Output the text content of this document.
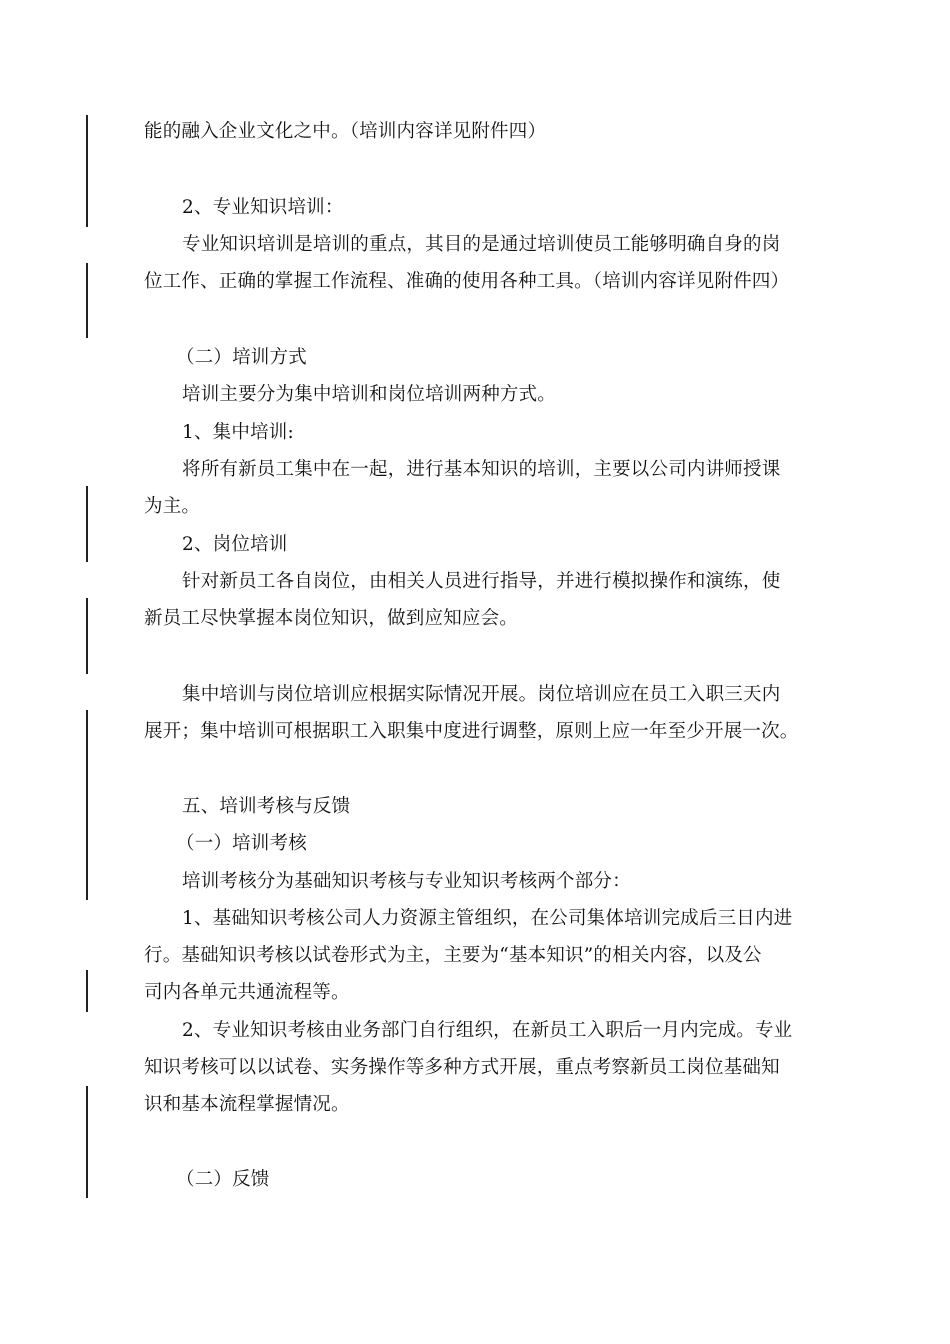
能的融入企业文化之中。（培训内容详见附件四）
2、专业知识培训：
专业知识培训是培训的重点，其目的是通过培训使员工能够明确自身的岗
位工作、正确的掌握工作流程、准确的使用各种工具。（培训内容详见附件四）
（二）培训方式
培训主要分为集中培训和岗位培训两种方式。
1、集中培训:
将所有新员工集中在一起，进行基本知识的培训，主要以公司内讲师授课
为主。
2、岗位培训
针对新员工各自岗位，由相关人员进行指导，并进行模拟操作和演练，使
新员工尽快掌握本岗位知识，做到应知应会。
集中培训与岗位培训应根据实际情况开展。岗位培训应在员工入职三天内
展开；集中培训可根据职工入职集中度进行调整，原则上应一年至少开展一次。
五、培训考核与反馈
（一）培训考核
培训考核分为基础知识考核与专业知识考核两个部分：
1、基础知识考核公司人力资源主管组织，在公司集体培训完成后三日内进
行。基础知识考核以试卷形式为主，主要为“基本知识”的相关内容，以及公
司内各单元共通流程等。
2、专业知识考核由业务部门自行组织，在新员工入职后一月内完成。专业
知识考核可以以试卷、实务操作等多种方式开展，重点考察新员工岗位基础知
识和基本流程掌握情况。
（二）反馈
